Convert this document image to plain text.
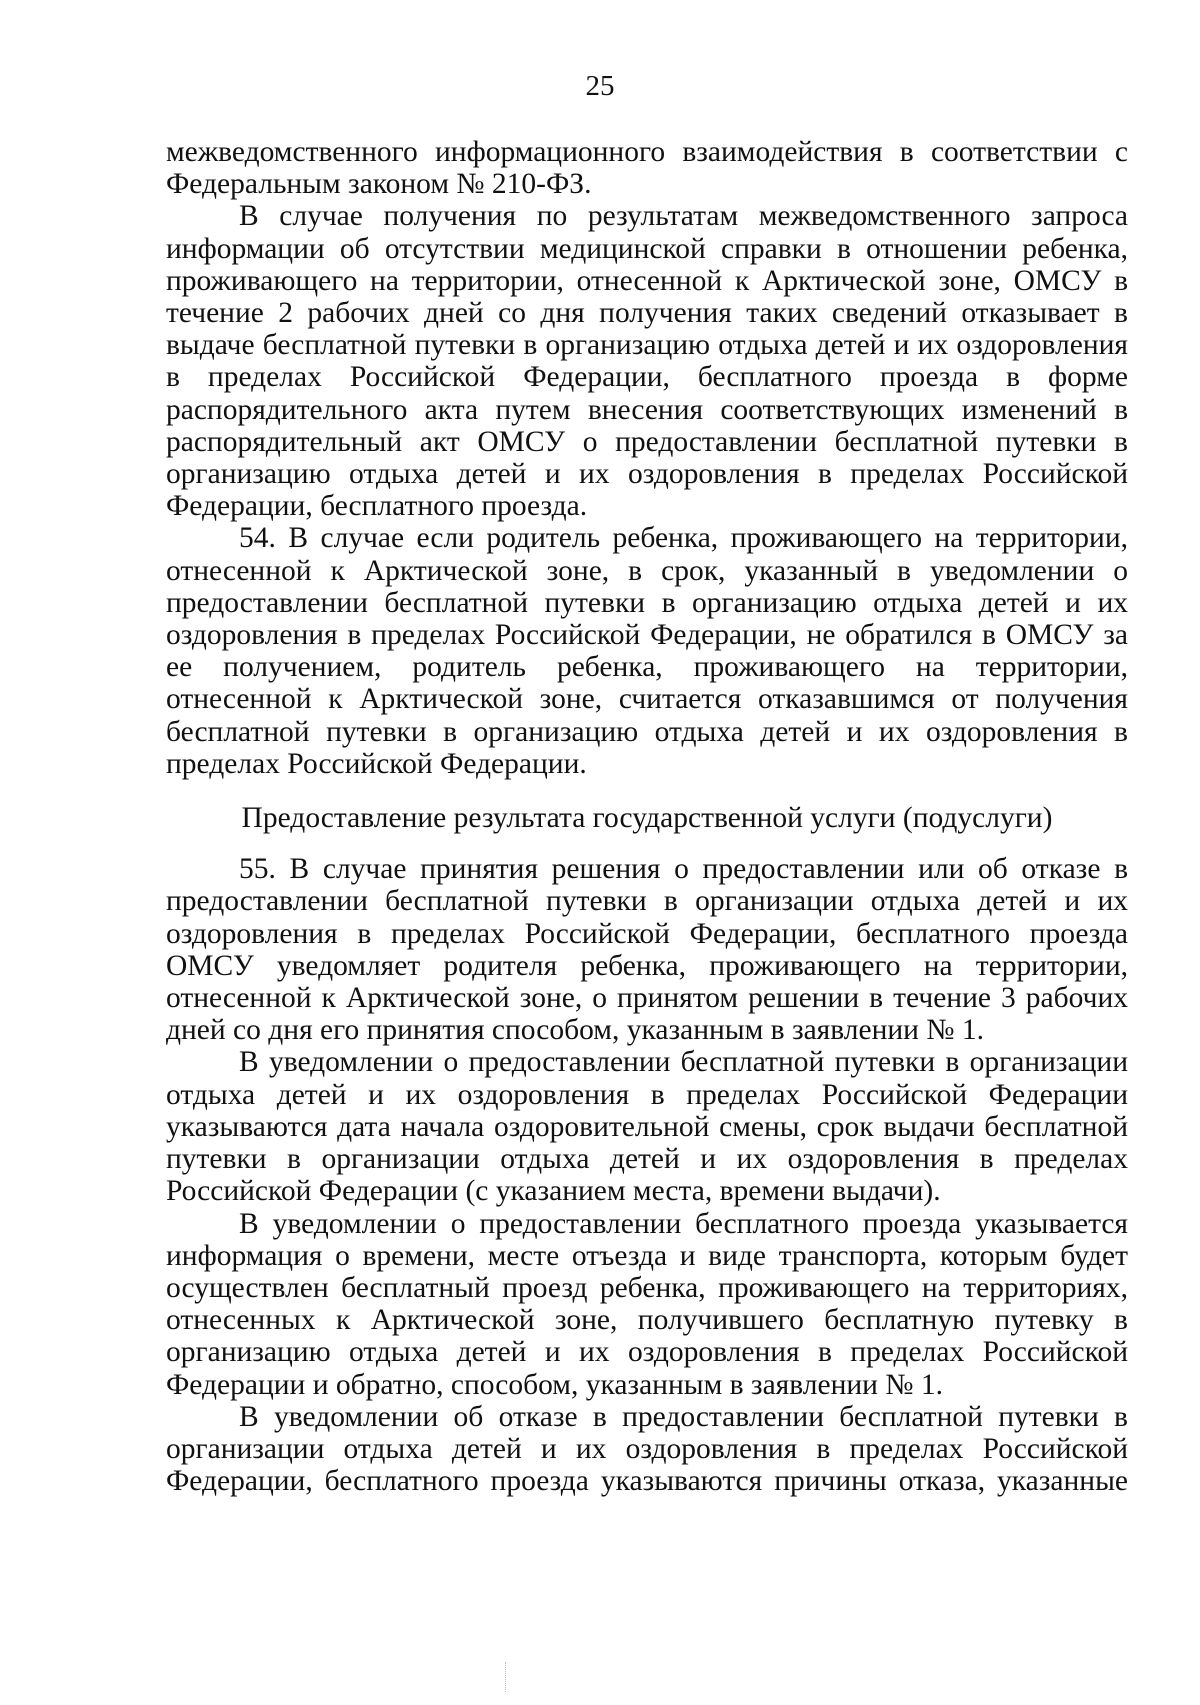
25

межведомственного информационного взаимодействия в соответствии с Федеральным законом № 210-ФЗ.

В случае получения по результатам межведомственного запроса информации об отсутствии медицинской справки в отношении ребенка, проживающего на территории, отнесенной к Арктической зоне, ОМСУ в течение 2 рабочих дней со дня получения таких сведений отказывает в выдаче бесплатной путевки в организацию отдыха детей и их оздоровления в пределах Российской Федерации, бесплатного проезда в форме распорядительного акта путем внесения соответствующих изменений в распорядительный акт ОМСУ о предоставлении бесплатной путевки в организацию отдыха детей и их оздоровления в пределах Российской Федерации, бесплатного проезда.

54. В случае если родитель ребенка, проживающего на территории, отнесенной к Арктической зоне, в срок, указанный в уведомлении о предоставлении бесплатной путевки в организацию отдыха детей и их оздоровления в пределах Российской Федерации, не обратился в ОМСУ за ее получением, родитель ребенка, проживающего на территории, отнесенной к Арктической зоне, считается отказавшимся от получения бесплатной путевки в организацию отдыха детей и их оздоровления в пределах Российской Федерации.

Предоставление результата государственной услуги (подуслуги)

55. В случае принятия решения о предоставлении или об отказе в предоставлении бесплатной путевки в организации отдыха детей и их оздоровления в пределах Российской Федерации, бесплатного проезда ОМСУ уведомляет родителя ребенка, проживающего на территории, отнесенной к Арктической зоне, о принятом решении в течение 3 рабочих дней со дня его принятия способом, указанным в заявлении № 1.

В уведомлении о предоставлении бесплатной путевки в организации отдыха детей и их оздоровления в пределах Российской Федерации указываются дата начала оздоровительной смены, срок выдачи бесплатной путевки в организации отдыха детей и их оздоровления в пределах Российской Федерации (с указанием места, времени выдачи).

В уведомлении о предоставлении бесплатного проезда указывается информация о времени, месте отъезда и виде транспорта, которым будет осуществлен бесплатный проезд ребенка, проживающего на территориях, отнесенных к Арктической зоне, получившего бесплатную путевку в организацию отдыха детей и их оздоровления в пределах Российской Федерации и обратно, способом, указанным в заявлении № 1.

В уведомлении об отказе в предоставлении бесплатной путевки в организации отдыха детей и их оздоровления в пределах Российской Федерации, бесплатного проезда указываются причины отказа, указанные
